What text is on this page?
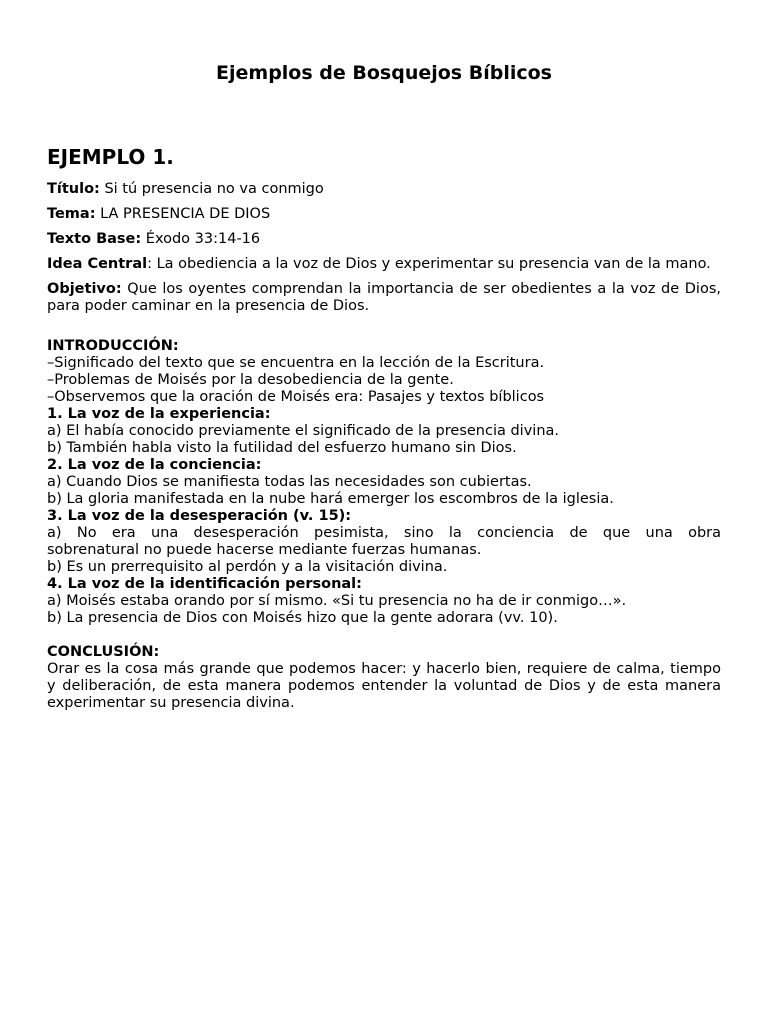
Ejemplos de Bosquejos Bíblicos
EJEMPLO 1.

Título: Si tú presencia no va conmigo

Tema: LA PRESENCIA DE DIOS

Texto Base: Éxodo 33:14-16

Idea Central: La obediencia a la voz de Dios y experimentar su presencia van de la mano.

Objetivo: Que los oyentes comprendan la importancia de ser obedientes a la voz de Dios, para poder caminar en la presencia de Dios.

INTRODUCCIÓN:
–Significado del texto que se encuentra en la lección de la Escritura.
–Problemas de Moisés por la desobediencia de la gente.
–Observemos que la oración de Moisés era: Pasajes y textos bíblicos
1. La voz de la experiencia:
a) El había conocido previamente el significado de la presencia divina.
b) También habla visto la futilidad del esfuerzo humano sin Dios.
2. La voz de la conciencia:
a) Cuando Dios se manifiesta todas las necesidades son cubiertas.
b) La gloria manifestada en la nube hará emerger los escombros de la iglesia.
3. La voz de la desesperación (v. 15):
a) No era una desesperación pesimista, sino la conciencia de que una obra
sobrenatural no puede hacerse mediante fuerzas humanas.
b) Es un prerrequisito al perdón y a la visitación divina.
4. La voz de la identificación personal:
a) Moisés estaba orando por sí mismo. «Si tu presencia no ha de ir conmigo…».
b) La presencia de Dios con Moisés hizo que la gente adorara (vv. 10).
CONCLUSIÓN:
Orar es la cosa más grande que podemos hacer: y hacerlo bien, requiere de calma, tiempo y deliberación, de esta manera podemos entender la voluntad de Dios y de esta manera experimentar su presencia divina.
